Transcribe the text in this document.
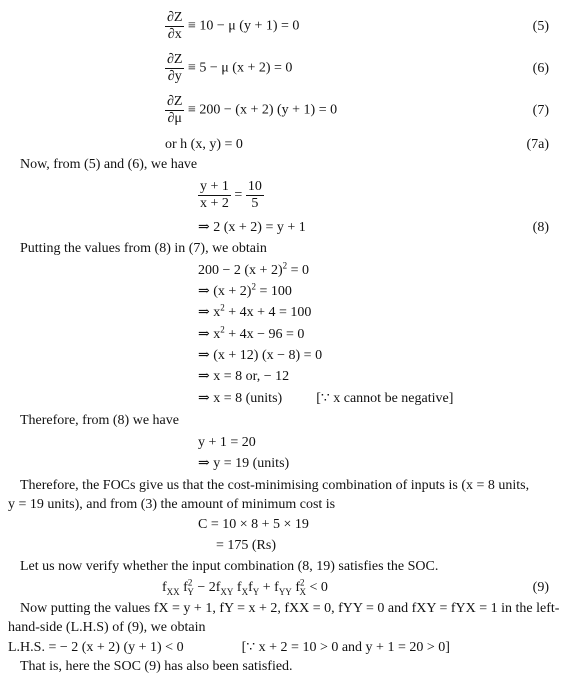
$\frac{\partial Z}{\partial x} \equiv 10 - \mu$ (y + 1) = 0	(5)
$\frac{\partial Z}{\partial y} \equiv 5 - \mu$ (x + 2) = 0	(6)
$\frac{\partial Z}{\partial\mu} \equiv 200 - (x + 2) (y + 1) = 0$	(7)
or h (x, y) = 0	(7a)
Now, from (5) and (6), we have
$\frac{y + 1}{x + 2} = \frac{10}{5}$
⇒ 2 (x + 2) = y + 1	(8)
Putting the values from (8) in (7), we obtain
200 − 2 $(x + 2)^2 = 0$
⇒ $(x + 2)^2 = 100$
⇒ $x^2 + 4x + 4 = 100$
⇒ $x^2 + 4x - 96 = 0$
⇒ (x + 12) (x − 8) = 0
⇒ x = 8 or, − 12
⇒ x = 8 (units) [∵ x cannot be negative]
Therefore, from (8) we have
y + 1 = 20
⇒ y = 19 (units)
Therefore, the FOCs give us that the cost-minimising combination of inputs is (x = 8 units,
y = 19 units), and from (3) the amount of minimum cost is
C = 10 × 8 + 5 × 19
= 175 (Rs)
Let us now verify whether the input combination (8, 19) satisfies the SOC.
$f_{XX}$ $f^2_Y - 2f_{XY}$ $f_Xf_Y + f_{YY}$ $f^2_X < 0$	(9)
Now putting the values fX = y + 1, fY = x + 2, fXX = 0, fYY = 0 and fXY = fYX = 1 in the left-
hand-side (L.H.S) of (9), we obtain
L.H.S. = − 2 (x + 2) (y + 1) < 0	[∵ x + 2 = 10 > 0 and y + 1 = 20 > 0]
That is, here the SOC (9) has also been satisfied.
